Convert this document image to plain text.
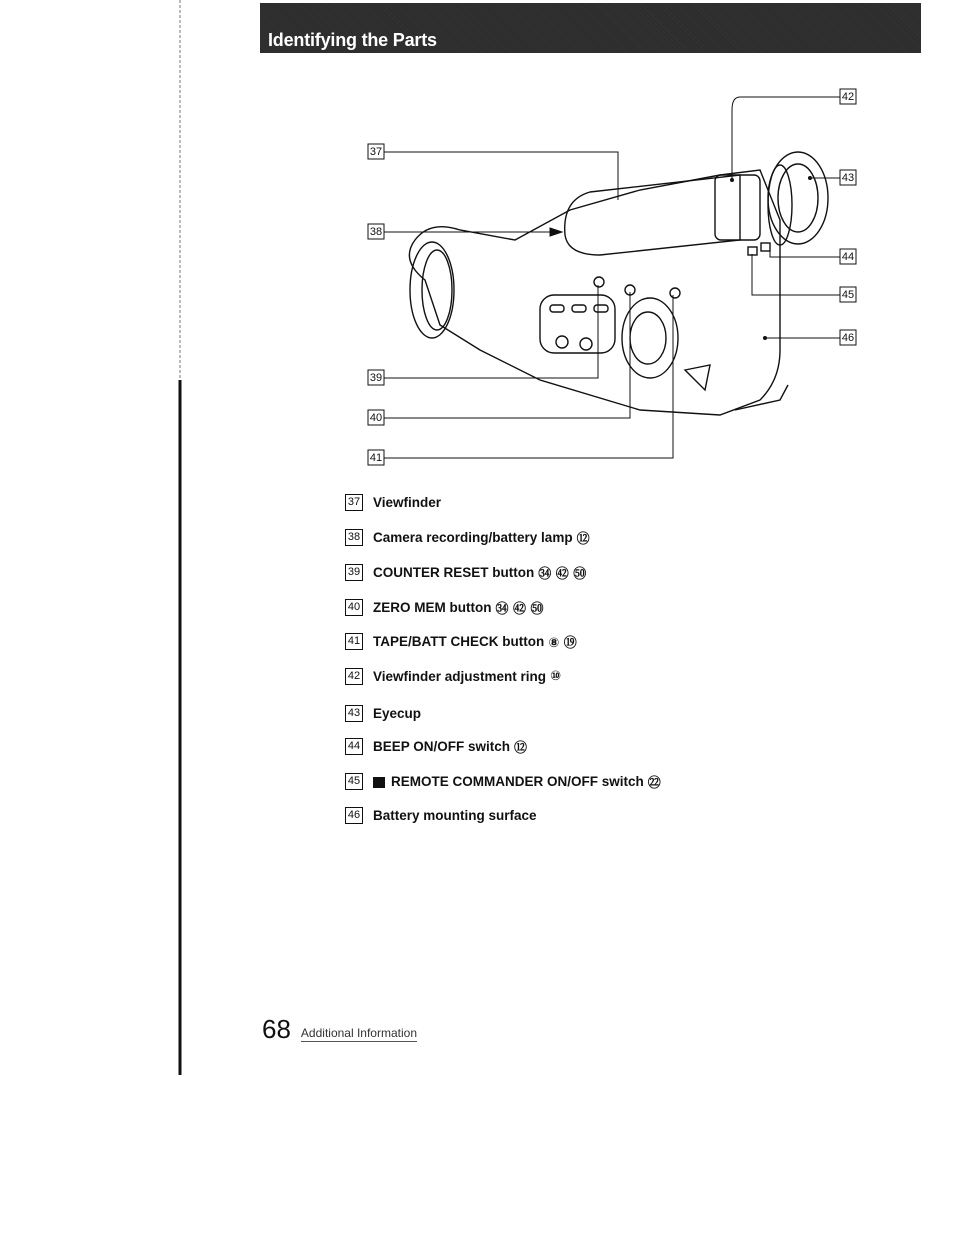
Identifying the Parts
37
38
39
40
41
42
43
44
45
46
37 Viewfinder
38 Camera recording/battery lamp ⑫
39 COUNTER RESET button ㉞ ㊷ ㊿
40 ZERO MEM button ㉞ ㊷ ㊿
41 TAPE/BATT CHECK button ⑧ ⑲
42 Viewfinder adjustment ring ⑩
43 Eyecup
44 BEEP ON/OFF switch ⑫
45 REMOTE COMMANDER ON/OFF switch ㉒
46 Battery mounting surface
68 Additional Information
